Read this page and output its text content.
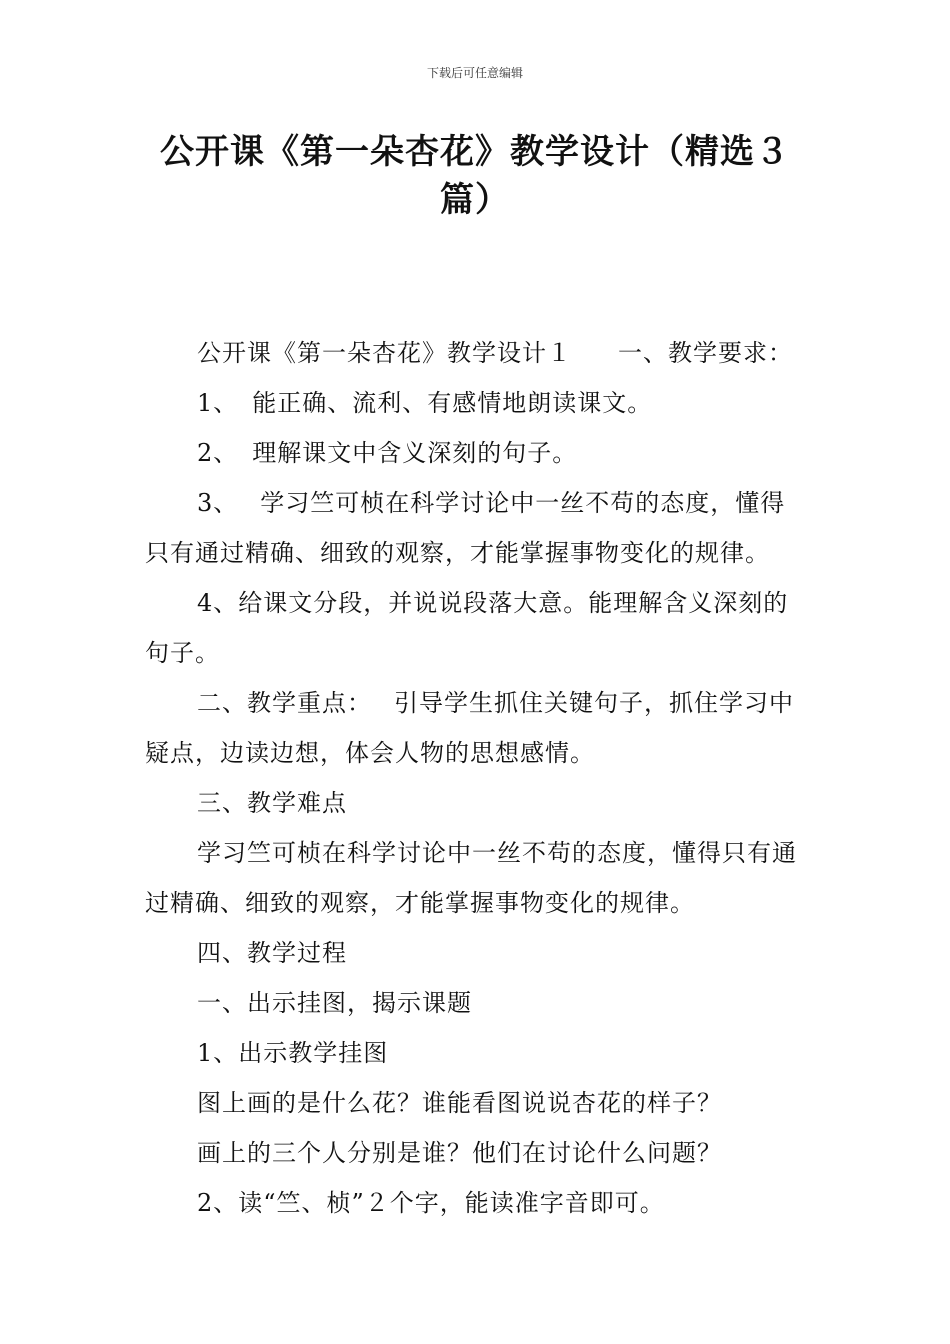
下载后可任意编辑
公开课《第一朵杏花》教学设计（精选３篇）

公开课《第一朵杏花》教学设计１ 一、教学要求：

1、 能正确、流利、有感情地朗读课文。

2、 理解课文中含义深刻的句子。

3、 学习竺可桢在科学讨论中一丝不苟的态度，懂得只有通过精确、细致的观察，才能掌握事物变化的规律。

4、给课文分段，并说说段落大意。能理解含义深刻的句子。

二、教学重点： 引导学生抓住关键句子，抓住学习中疑点，边读边想，体会人物的思想感情。

三、教学难点

学习竺可桢在科学讨论中一丝不苟的态度，懂得只有通过精确、细致的观察，才能掌握事物变化的规律。

四、教学过程

一、出示挂图，揭示课题

1、出示教学挂图

图上画的是什么花？谁能看图说说杏花的样子？

画上的三个人分别是谁？他们在讨论什么问题？

2、读“竺、桢”２个字，能读准字音即可。
